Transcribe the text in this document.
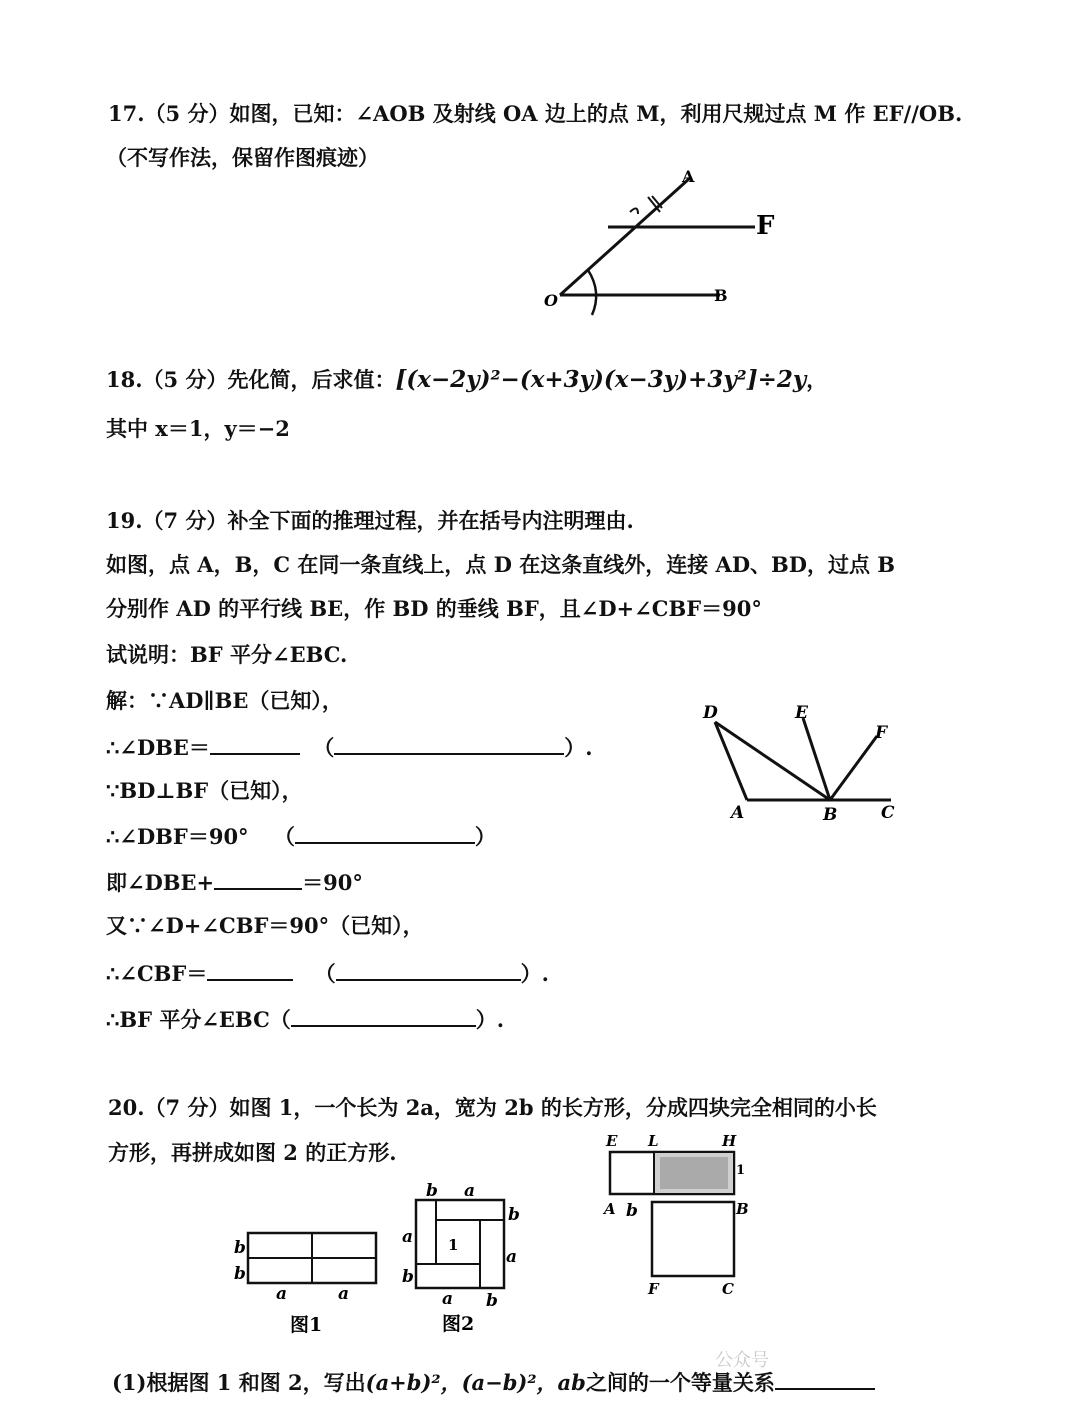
17.（5 分）如图，已知：∠AOB 及射线 OA 边上的点 M，利用尺规过点 M 作 EF//OB.
（不写作法，保留作图痕迹）
A
F
O	B
18.（5 分）先化简，后求值：[(x−2y)²−(x+3y)(x−3y)+3y²]÷2y，
其中 x＝1，y＝−2
19.（7 分）补全下面的推理过程，并在括号内注明理由.
如图，点 A，B，C 在同一条直线上，点 D 在这条直线外，连接 AD、BD，过点 B
分别作 AD 的平行线 BE，作 BD 的垂线 BF，且∠D+∠CBF＝90°
试说明：BF 平分∠EBC.
解：∵AD∥BE（已知），
∴∠DBE＝	（	）.
∵BD⊥BF（已知），
∴∠DBF＝90° （	）
即∠DBE+	＝90°
又∵∠D+∠CBF＝90°（已知），
∴∠CBF＝	（	）.
∴BF 平分∠EBC（	）.
D	E
F
A	B	C
20.（7 分）如图 1，一个长为 2a，宽为 2b 的长方形，分成四块完全相同的小长
方形，再拼成如图 2 的正方形.
b
b
a	a
图1
b a
b
a 1
a
b
a b
图2
E L	H
1
A b	B
F	C
(1)根据图 1 和图 2，写出(a+b)²，(a−b)²，ab之间的一个等量关系
公众号
